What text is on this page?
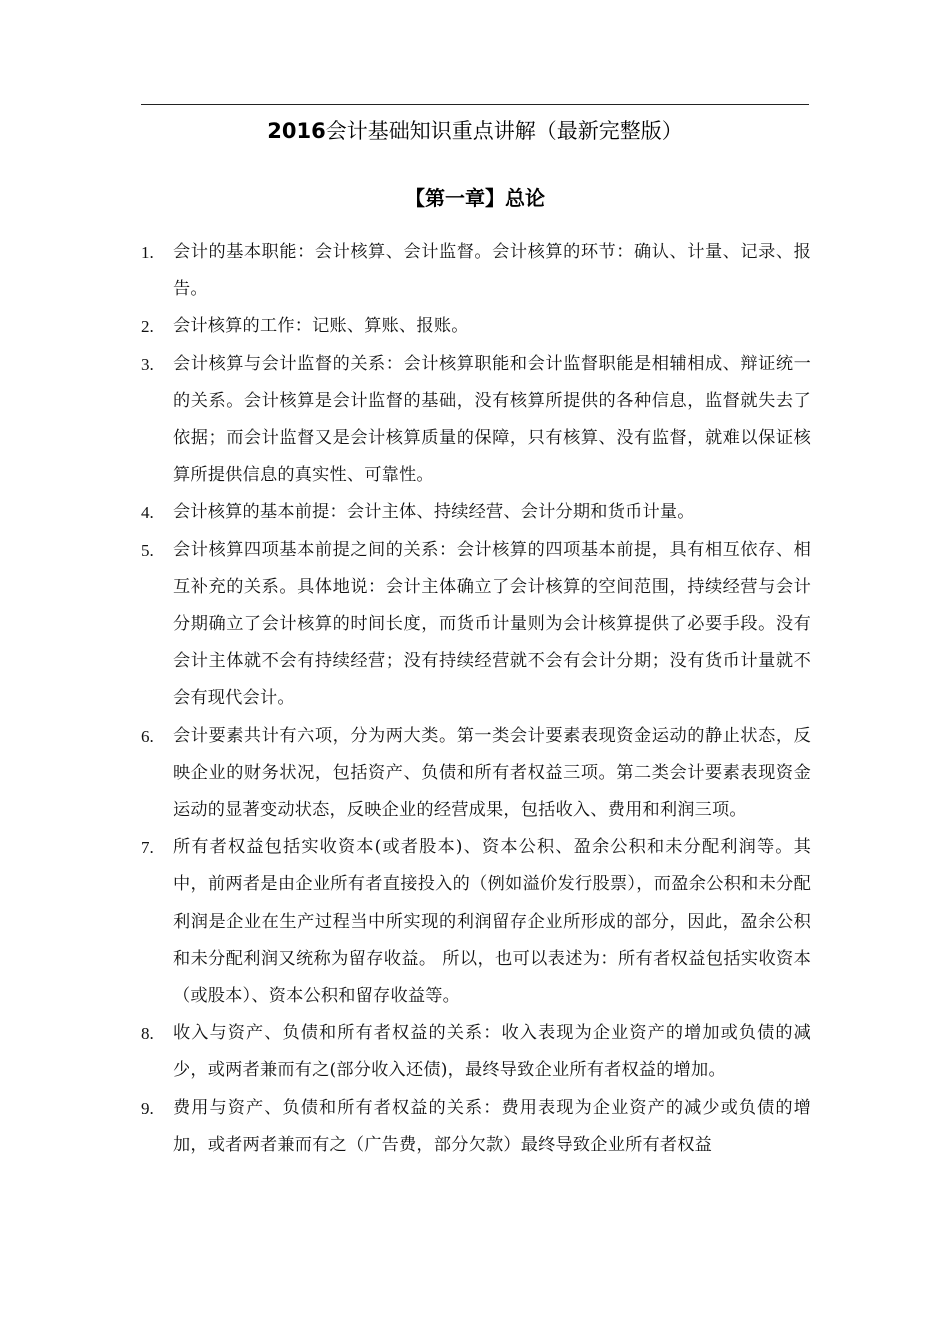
2016会计基础知识重点讲解（最新完整版）
【第一章】总论
1. 会计的基本职能：会计核算、会计监督。会计核算的环节：确认、计量、记录、报告。
2. 会计核算的工作：记账、算账、报账。
3. 会计核算与会计监督的关系：会计核算职能和会计监督职能是相辅相成、辩证统一的关系。会计核算是会计监督的基础，没有核算所提供的各种信息，监督就失去了依据；而会计监督又是会计核算质量的保障，只有核算、没有监督，就难以保证核算所提供信息的真实性、可靠性。
4. 会计核算的基本前提：会计主体、持续经营、会计分期和货币计量。
5. 会计核算四项基本前提之间的关系：会计核算的四项基本前提，具有相互依存、相互补充的关系。具体地说：会计主体确立了会计核算的空间范围，持续经营与会计分期确立了会计核算的时间长度，而货币计量则为会计核算提供了必要手段。没有会计主体就不会有持续经营；没有持续经营就不会有会计分期；没有货币计量就不会有现代会计。
6. 会计要素共计有六项，分为两大类。第一类会计要素表现资金运动的静止状态，反映企业的财务状况，包括资产、负债和所有者权益三项。第二类会计要素表现资金运动的显著变动状态，反映企业的经营成果，包括收入、费用和利润三项。
7. 所有者权益包括实收资本(或者股本)、资本公积、盈余公积和未分配利润等。其中，前两者是由企业所有者直接投入的（例如溢价发行股票），而盈余公积和未分配利润是企业在生产过程当中所实现的利润留存企业所形成的部分，因此，盈余公积和未分配利润又统称为留存收益。 所以，也可以表述为：所有者权益包括实收资本（或股本）、资本公积和留存收益等。
8. 收入与资产、负债和所有者权益的关系：收入表现为企业资产的增加或负债的减少，或两者兼而有之(部分收入还债)，最终导致企业所有者权益的增加。
9. 费用与资产、负债和所有者权益的关系：费用表现为企业资产的减少或负债的增加，或者两者兼而有之（广告费，部分欠款）最终导致企业所有者权益
